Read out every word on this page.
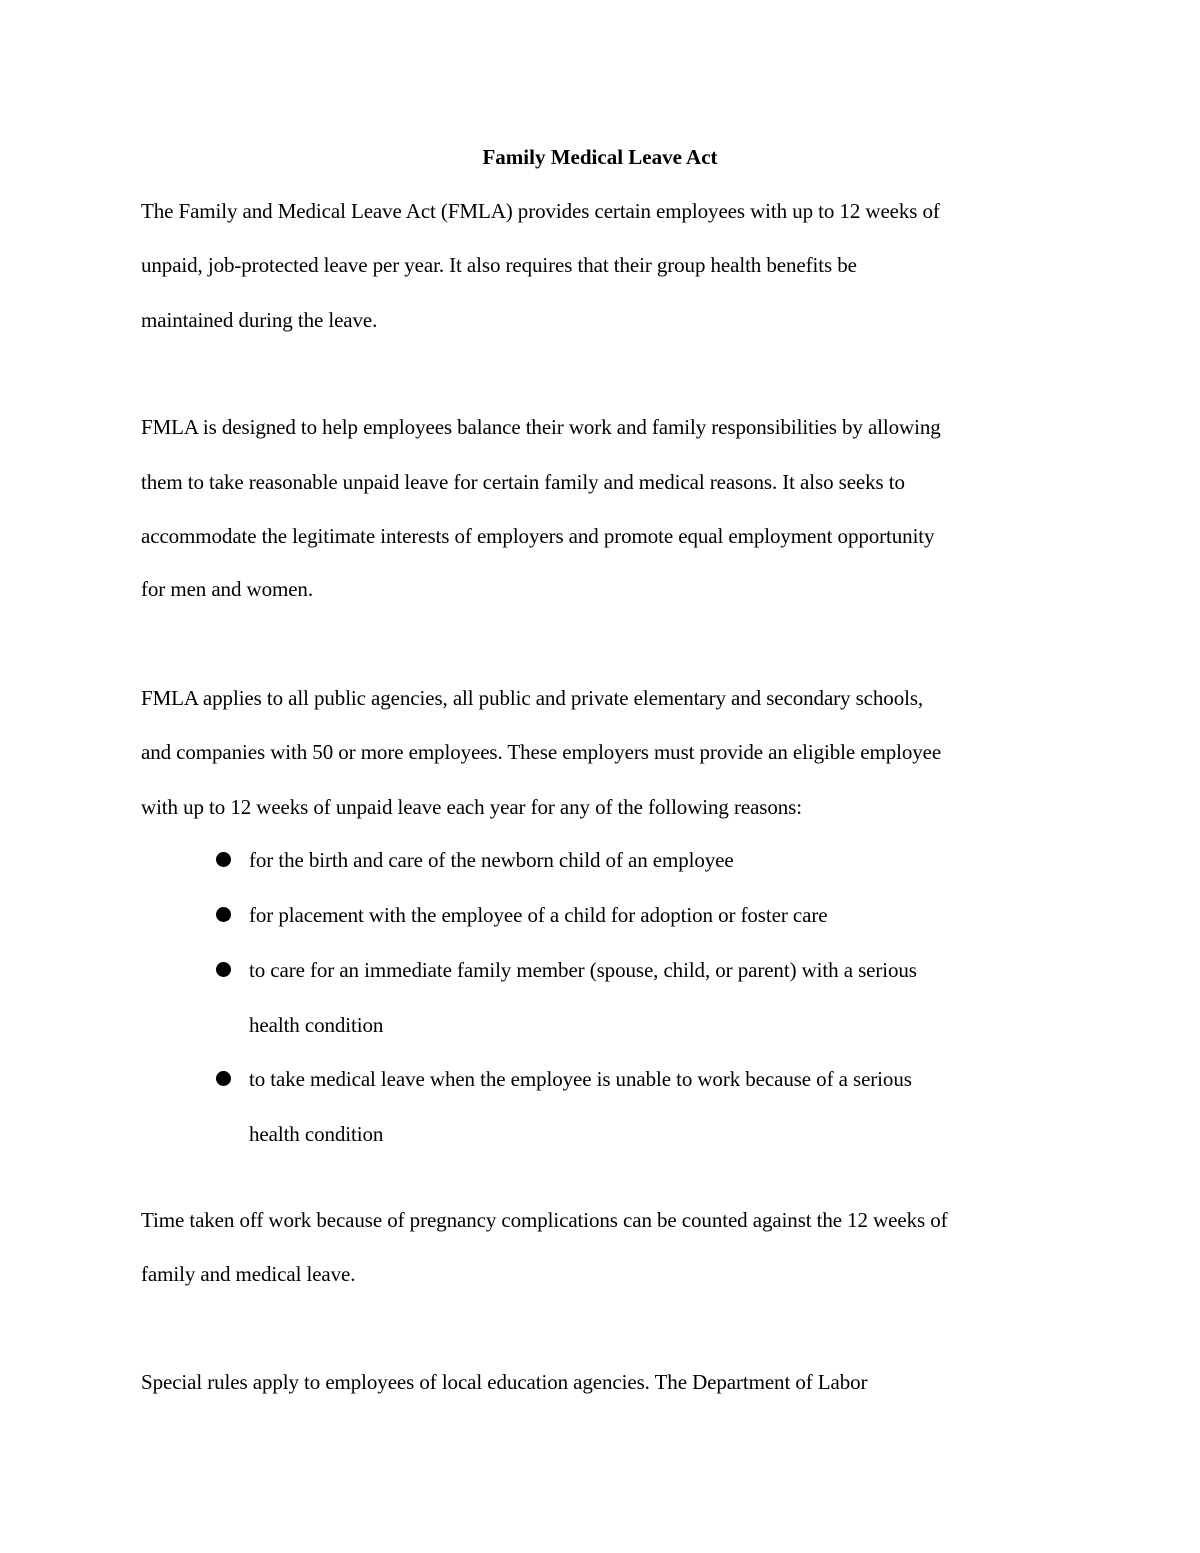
Family Medical Leave Act
The Family and Medical Leave Act (FMLA) provides certain employees with up to 12 weeks of
unpaid, job-protected leave per year. It also requires that their group health benefits be
maintained during the leave.
FMLA is designed to help employees balance their work and family responsibilities by allowing
them to take reasonable unpaid leave for certain family and medical reasons. It also seeks to
accommodate the legitimate interests of employers and promote equal employment opportunity
for men and women.
FMLA applies to all public agencies, all public and private elementary and secondary schools,
and companies with 50 or more employees. These employers must provide an eligible employee
with up to 12 weeks of unpaid leave each year for any of the following reasons:
for the birth and care of the newborn child of an employee
for placement with the employee of a child for adoption or foster care
to care for an immediate family member (spouse, child, or parent) with a serious
health condition
to take medical leave when the employee is unable to work because of a serious
health condition
Time taken off work because of pregnancy complications can be counted against the 12 weeks of
family and medical leave.
Special rules apply to employees of local education agencies. The Department of Labor
